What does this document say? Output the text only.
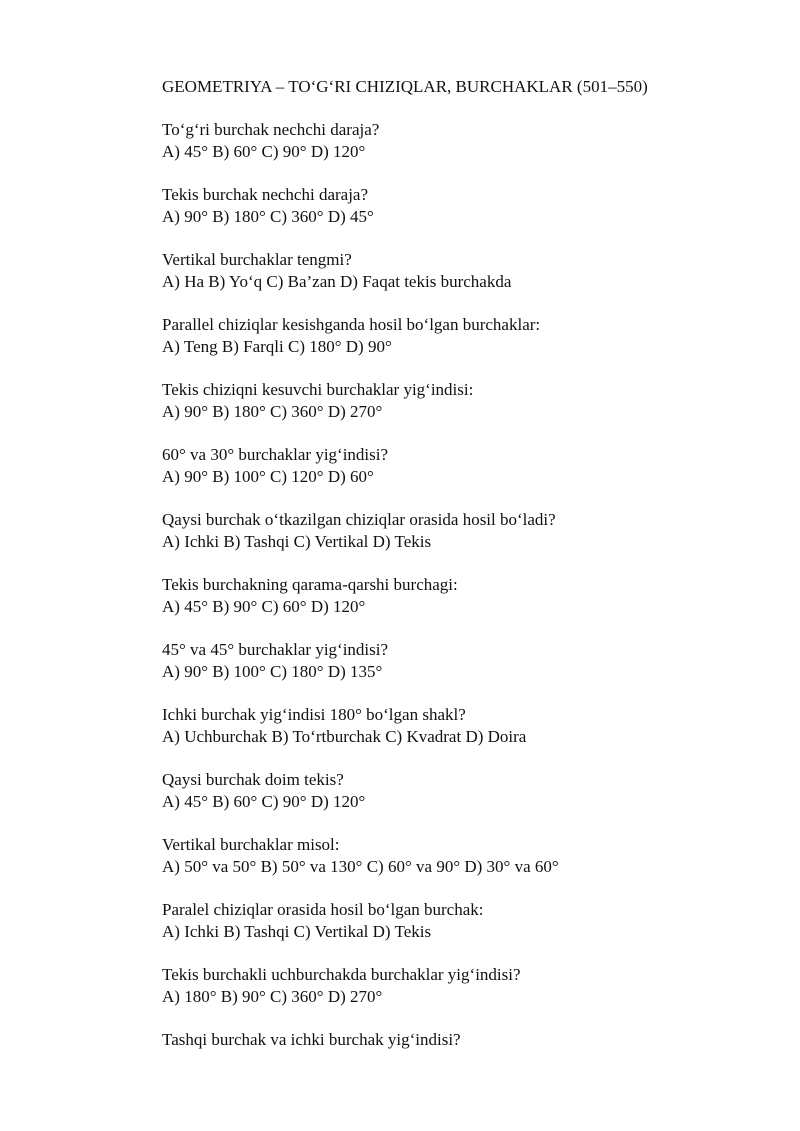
GEOMETRIYA – TO‘G‘RI CHIZIQLAR, BURCHAKLAR (501–550)
To‘g‘ri burchak nechchi daraja?
A) 45° B) 60° C) 90° D) 120°
Tekis burchak nechchi daraja?
A) 90° B) 180° C) 360° D) 45°
Vertikal burchaklar tengmi?
A) Ha B) Yo‘q C) Ba’zan D) Faqat tekis burchakda
Parallel chiziqlar kesishganda hosil bo‘lgan burchaklar:
A) Teng B) Farqli C) 180° D) 90°
Tekis chiziqni kesuvchi burchaklar yig‘indisi:
A) 90° B) 180° C) 360° D) 270°
60° va 30° burchaklar yig‘indisi?
A) 90° B) 100° C) 120° D) 60°
Qaysi burchak o‘tkazilgan chiziqlar orasida hosil bo‘ladi?
A) Ichki B) Tashqi C) Vertikal D) Tekis
Tekis burchakning qarama-qarshi burchagi:
A) 45° B) 90° C) 60° D) 120°
45° va 45° burchaklar yig‘indisi?
A) 90° B) 100° C) 180° D) 135°
Ichki burchak yig‘indisi 180° bo‘lgan shakl?
A) Uchburchak B) To‘rtburchak C) Kvadrat D) Doira
Qaysi burchak doim tekis?
A) 45° B) 60° C) 90° D) 120°
Vertikal burchaklar misol:
A) 50° va 50° B) 50° va 130° C) 60° va 90° D) 30° va 60°
Paralel chiziqlar orasida hosil bo‘lgan burchak:
A) Ichki B) Tashqi C) Vertikal D) Tekis
Tekis burchakli uchburchakda burchaklar yig‘indisi?
A) 180° B) 90° C) 360° D) 270°
Tashqi burchak va ichki burchak yig‘indisi?
